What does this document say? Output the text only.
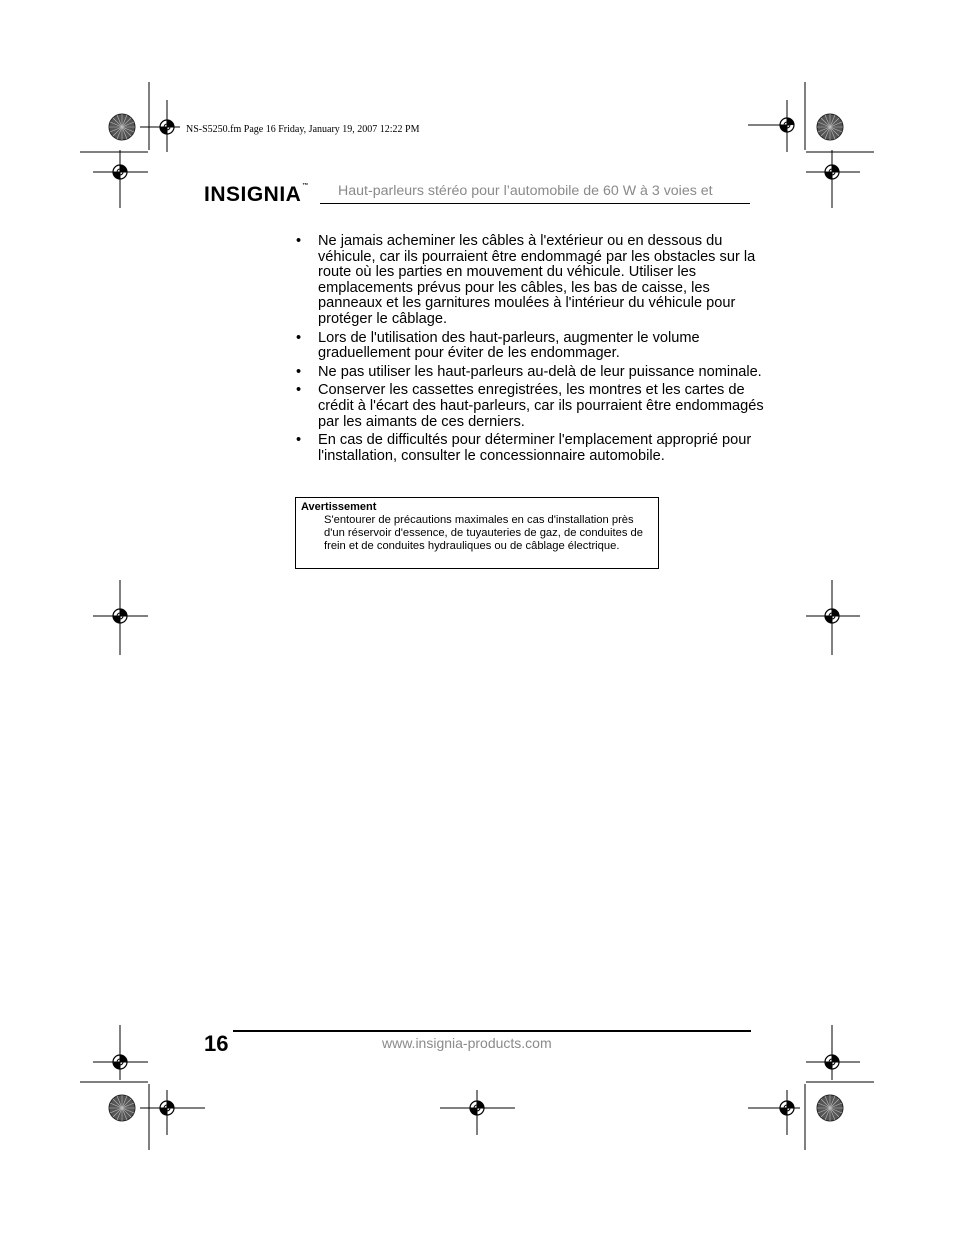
NS-S5250.fm Page 16 Friday, January 19, 2007 12:22 PM
INSIGNIA™ Haut-parleurs stéréo pour l’automobile de 60 W à 3 voies et
• Ne jamais acheminer les câbles à l'extérieur ou en dessous du véhicule, car ils pourraient être endommagé par les obstacles sur la route où les parties en mouvement du véhicule. Utiliser les emplacements prévus pour les câbles, les bas de caisse, les panneaux et les garnitures moulées à l'intérieur du véhicule pour protéger le câblage.
• Lors de l'utilisation des haut-parleurs, augmenter le volume graduellement pour éviter de les endommager.
• Ne pas utiliser les haut-parleurs au-delà de leur puissance nominale.
• Conserver les cassettes enregistrées, les montres et les cartes de crédit à l'écart des haut-parleurs, car ils pourraient être endommagés par les aimants de ces derniers.
• En cas de difficultés pour déterminer l'emplacement approprié pour l'installation, consulter le concessionnaire automobile.
Avertissement
S'entourer de précautions maximales en cas d'installation près d'un réservoir d'essence, de tuyauteries de gaz, de conduites de frein et de conduites hydrauliques ou de câblage électrique.
16	www.insignia-products.com
